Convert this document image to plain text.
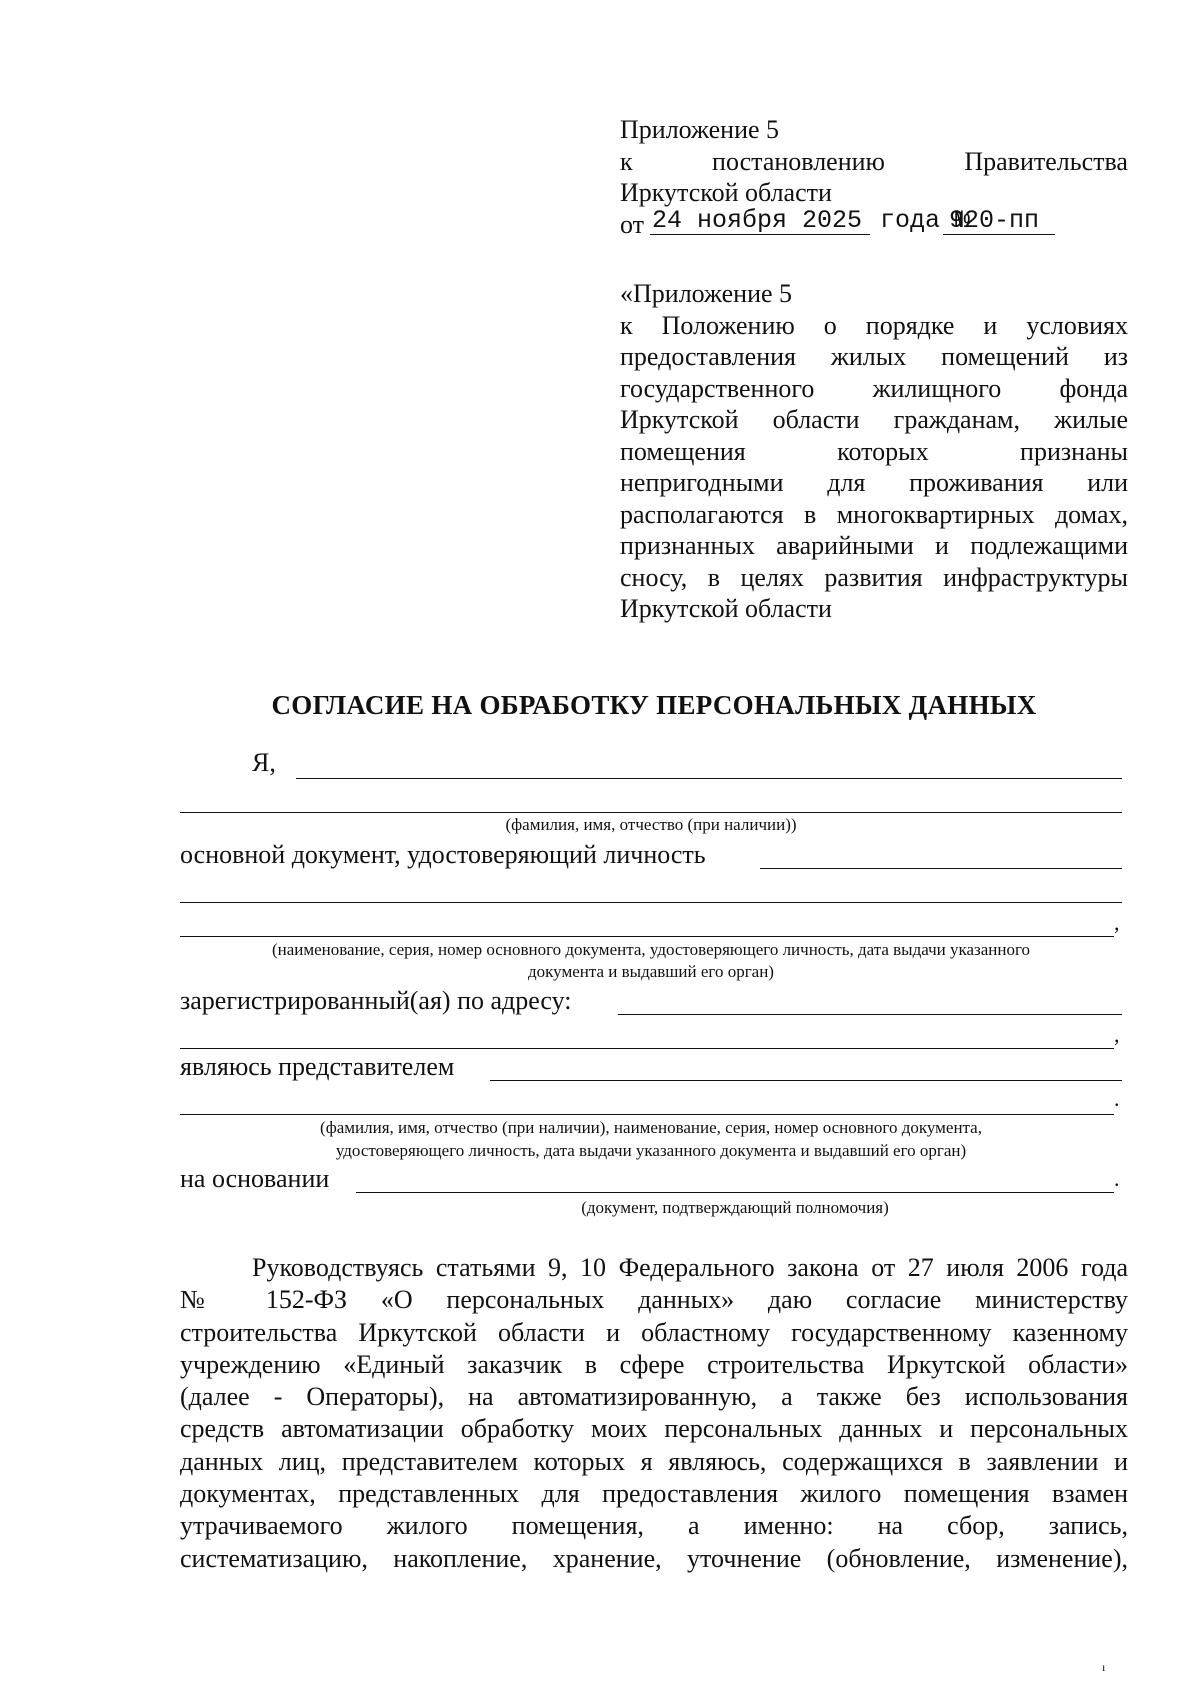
Приложение 5
к	постановлению	Правительства
Иркутской области
от 24 ноября 2025 года №
920-пп
«Приложение 5
к Положению о порядке и условиях
предоставления жилых помещений из
государственного жилищного фонда
Иркутской области гражданам, жилые
помещения которых признаны
непригодными для проживания или
располагаются в многоквартирных домах,
признанных аварийными и подлежащими
сносу, в целях развития инфраструктуры
Иркутской области
СОГЛАСИЕ НА ОБРАБОТКУ ПЕРСОНАЛЬНЫХ ДАННЫХ
Я,
(фамилия, имя, отчество (при наличии))
основной документ, удостоверяющий личность
,
(наименование, серия, номер основного документа, удостоверяющего личность, дата выдачи указанного
документа и выдавший его орган)
зарегистрированный(ая) по адресу:
,
являюсь представителем
.
(фамилия, имя, отчество (при наличии), наименование, серия, номер основного документа,
удостоверяющего личность, дата выдачи указанного документа и выдавший его орган)
на основании	.
(документ, подтверждающий полномочия)
Руководствуясь статьями 9, 10 Федерального закона от 27 июля 2006 года
№ 152-ФЗ «О персональных данных» даю согласие министерству
строительства Иркутской области и областному государственному казенному
учреждению «Единый заказчик в сфере строительства Иркутской области»
(далее - Операторы), на автоматизированную, а также без использования
средств автоматизации обработку моих персональных данных и персональных
данных лиц, представителем которых я являюсь, содержащихся в заявлении и
документах, представленных для предоставления жилого помещения взамен
утрачиваемого жилого помещения, а именно: на сбор, запись,
систематизацию, накопление, хранение, уточнение (обновление, изменение),
ı
